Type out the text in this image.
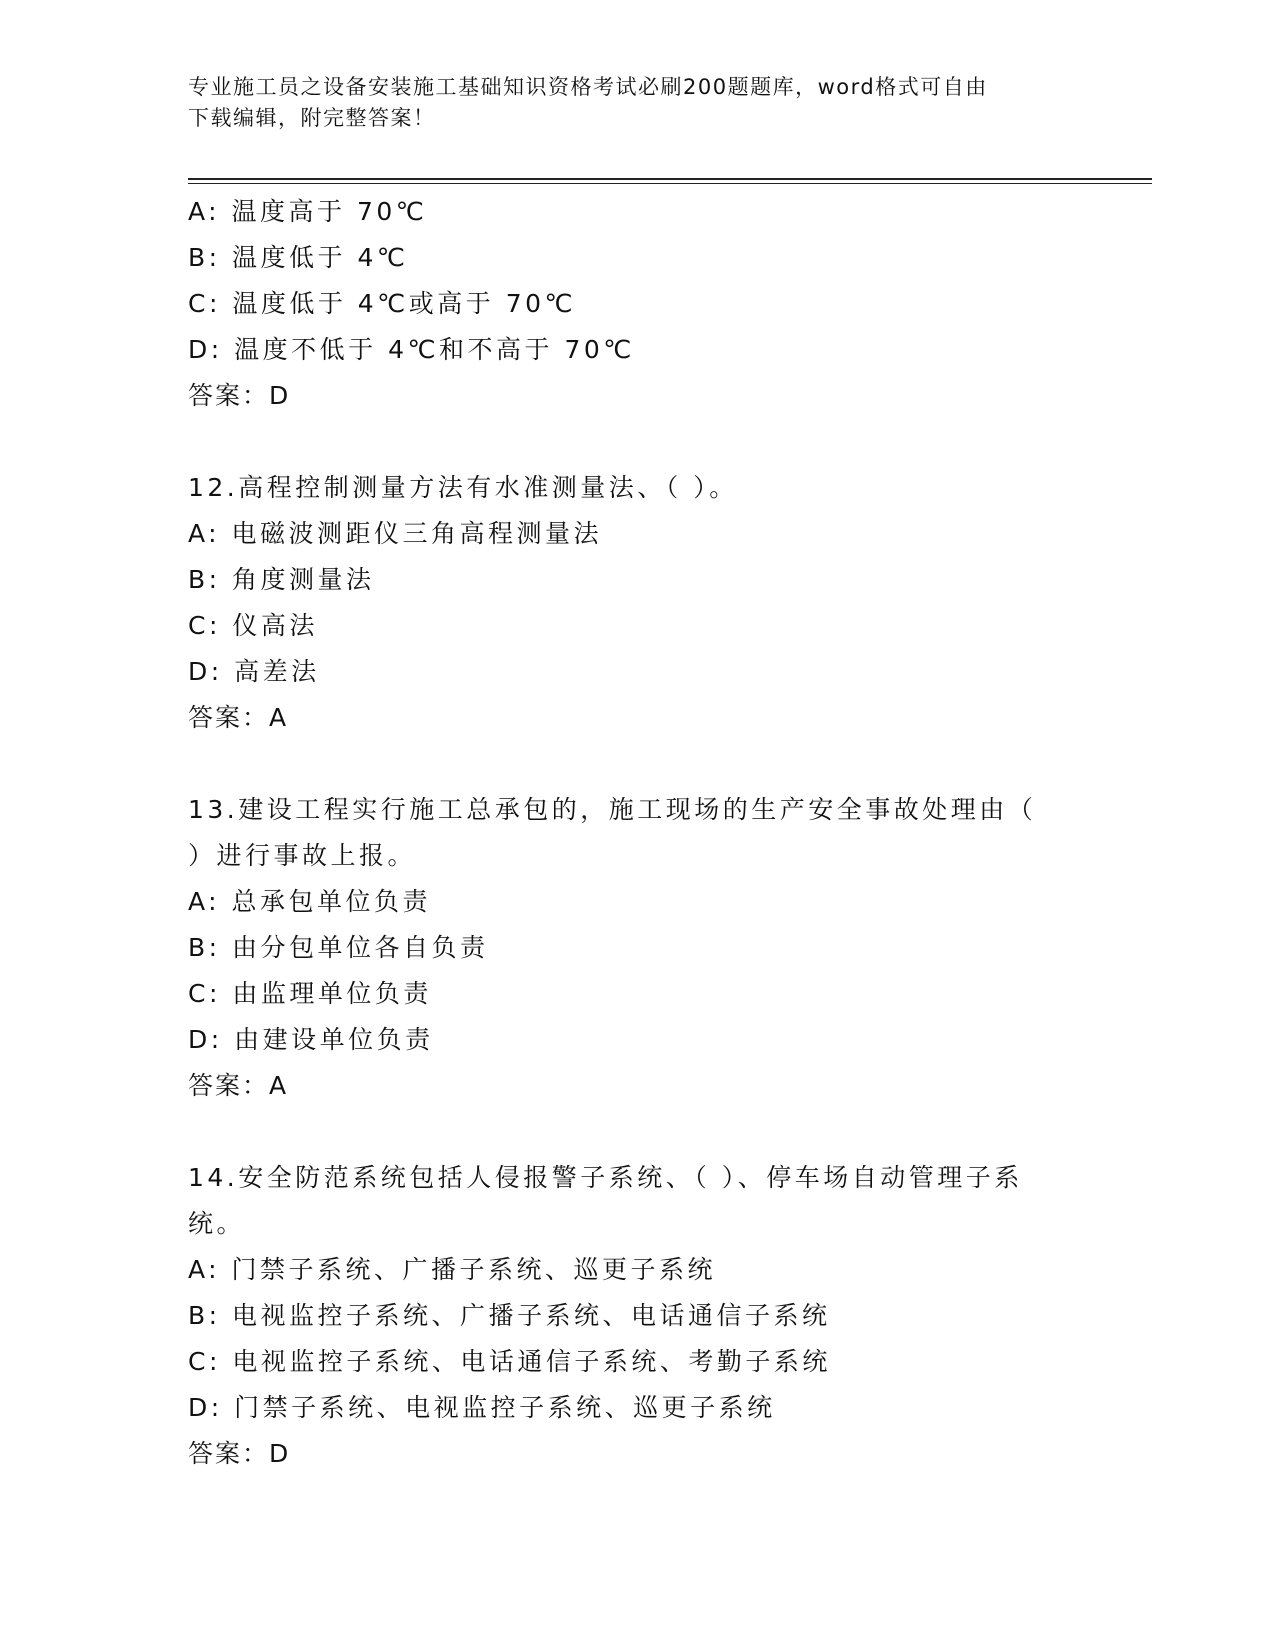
专业施工员之设备安装施工基础知识资格考试必刷200题题库，word格式可自由
下载编辑，附完整答案！
A: 温度高于 70℃
B: 温度低于 4℃
C: 温度低于 4℃或高于 70℃
D: 温度不低于 4℃和不高于 70℃
答案：D
12.高程控制测量方法有水准测量法、（ ）。
A: 电磁波测距仪三角高程测量法
B: 角度测量法
C: 仪高法
D: 高差法
答案：A
13.建设工程实行施工总承包的，施工现场的生产安全事故处理由（
）进行事故上报。
A: 总承包单位负责
B: 由分包单位各自负责
C: 由监理单位负责
D: 由建设单位负责
答案：A
14.安全防范系统包括人侵报警子系统、（ ）、停车场自动管理子系
统。
A: 门禁子系统、广播子系统、巡更子系统
B: 电视监控子系统、广播子系统、电话通信子系统
C: 电视监控子系统、电话通信子系统、考勤子系统
D: 门禁子系统、电视监控子系统、巡更子系统
答案：D
